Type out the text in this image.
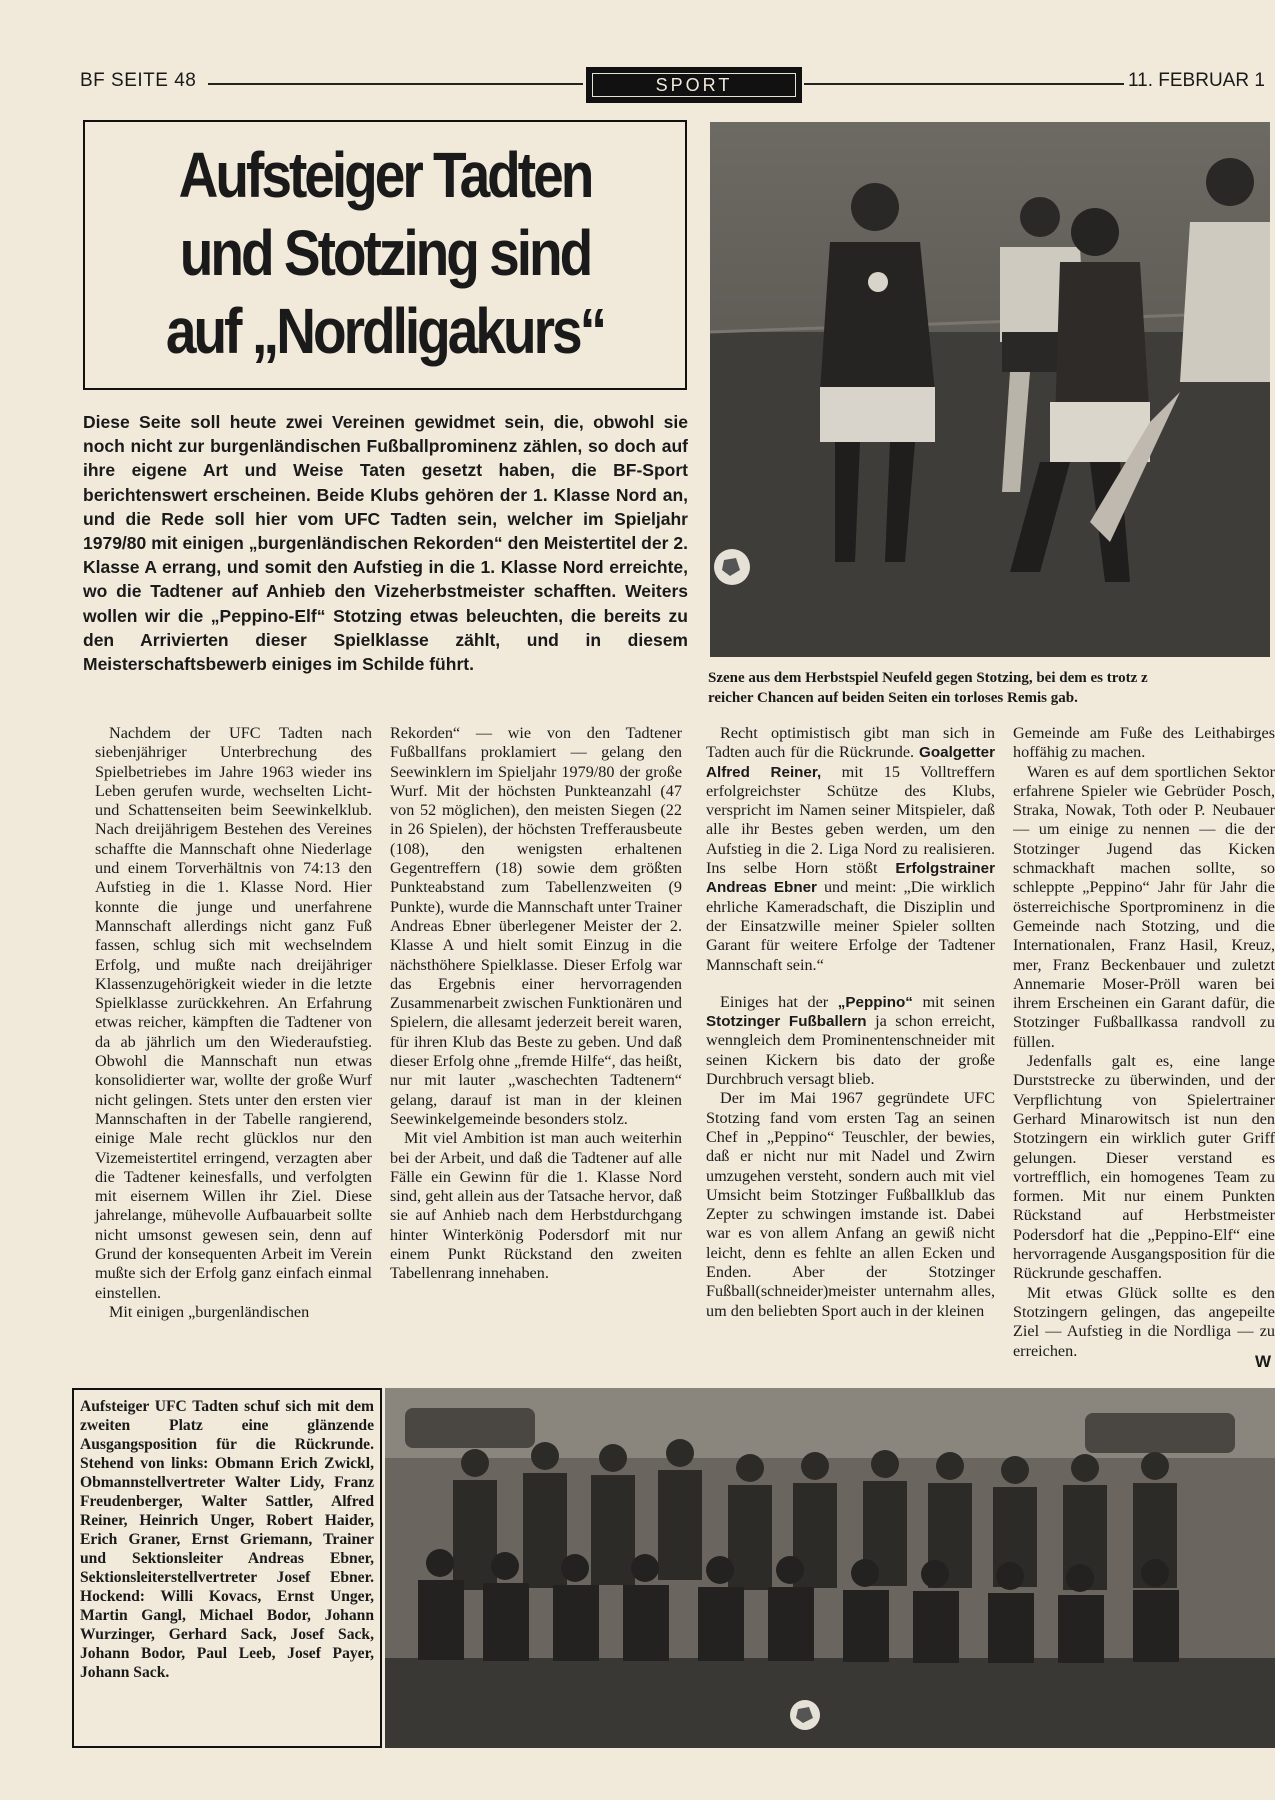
BF SEITE 48	SPORT	11. FEBRUAR 1
Aufsteiger Tadten
und Stotzing sind
auf „Nordligakurs“
Diese Seite soll heute zwei Vereinen gewidmet sein, die, obwohl sie noch nicht zur burgenländischen Fußballprominenz zählen, so doch auf ihre eigene Art und Weise Taten gesetzt haben, die BF-Sport berichtenswert erscheinen. Beide Klubs gehören der 1. Klasse Nord an, und die Rede soll hier vom UFC Tadten sein, welcher im Spieljahr 1979/80 mit einigen „burgenländischen Rekorden“ den Meistertitel der 2. Klasse A errang, und somit den Aufstieg in die 1. Klasse Nord erreichte, wo die Tadtener auf Anhieb den Vizeherbstmeister schafften. Weiters wollen wir die „Peppino-Elf“ Stotzing etwas beleuchten, die bereits zu den Arrivierten dieser Spielklasse zählt, und in diesem Meisterschaftsbewerb einiges im Schilde führt.
Szene aus dem Herbstspiel Neufeld gegen Stotzing, bei dem es trotz z
reicher Chancen auf beiden Seiten ein torloses Remis gab.

Nachdem der UFC Tadten nach siebenjähriger Unterbrechung des Spielbetriebes im Jahre 1963 wieder ins Leben gerufen wurde, wechselten Licht- und Schattenseiten beim Seewinkelklub. Nach dreijährigem Bestehen des Vereines schaffte die Mannschaft ohne Niederlage und einem Torverhältnis von 74:13 den Aufstieg in die 1. Klasse Nord. Hier konnte die junge und unerfahrene Mannschaft allerdings nicht ganz Fuß fassen, schlug sich mit wechselndem Erfolg, und mußte nach dreijähriger Klassenzugehörigkeit wieder in die letzte Spielklasse zurückkehren. An Erfahrung etwas reicher, kämpften die Tadtener von da ab jährlich um den Wiederaufstieg. Obwohl die Mannschaft nun etwas konsolidierter war, wollte der große Wurf nicht gelingen. Stets unter den ersten vier Mannschaften in der Tabelle rangierend, einige Male recht glücklos nur den Vizemeistertitel erringend, verzagten aber die Tadtener keinesfalls, und verfolgten mit eisernem Willen ihr Ziel. Diese jahrelange, mühevolle Aufbauarbeit sollte nicht umsonst gewesen sein, denn auf Grund der konsequenten Arbeit im Verein mußte sich der Erfolg ganz einfach einmal einstellen.

Mit einigen „burgenländischen

Rekorden“ — wie von den Tadtener Fußballfans proklamiert — gelang den Seewinklern im Spieljahr 1979/80 der große Wurf. Mit der höchsten Punkteanzahl (47 von 52 möglichen), den meisten Siegen (22 in 26 Spielen), der höchsten Trefferausbeute (108), den wenigsten erhaltenen Gegentreffern (18) sowie dem größten Punkteabstand zum Tabellenzweiten (9 Punkte), wurde die Mannschaft unter Trainer Andreas Ebner überlegener Meister der 2. Klasse A und hielt somit Einzug in die nächsthöhere Spielklasse. Dieser Erfolg war das Ergebnis einer hervorragenden Zusammenarbeit zwischen Funktionären und Spielern, die allesamt jederzeit bereit waren, für ihren Klub das Beste zu geben. Und daß dieser Erfolg ohne „fremde Hilfe“, das heißt, nur mit lauter „waschechten Tadtenern“ gelang, darauf ist man in der kleinen Seewinkelgemeinde besonders stolz.

Mit viel Ambition ist man auch weiterhin bei der Arbeit, und daß die Tadtener auf alle Fälle ein Gewinn für die 1. Klasse Nord sind, geht allein aus der Tatsache hervor, daß sie auf Anhieb nach dem Herbstdurchgang hinter Winterkönig Podersdorf mit nur einem Punkt Rückstand den zweiten Tabellenrang innehaben.

Recht optimistisch gibt man sich in Tadten auch für die Rückrunde. Goalgetter Alfred Reiner, mit 15 Volltreffern erfolgreichster Schütze des Klubs, verspricht im Namen seiner Mitspieler, daß alle ihr Bestes geben werden, um den Aufstieg in die 2. Liga Nord zu realisieren. Ins selbe Horn stößt Erfolgstrainer Andreas Ebner und meint: „Die wirklich ehrliche Kameradschaft, die Disziplin und der Einsatzwille meiner Spieler sollten Garant für weitere Erfolge der Tadtener Mannschaft sein.“

Einiges hat der „Peppino“ mit seinen Stotzinger Fußballern ja schon erreicht, wenngleich dem Prominentenschneider mit seinen Kickern bis dato der große Durchbruch versagt blieb.

Der im Mai 1967 gegründete UFC Stotzing fand vom ersten Tag an seinen Chef in „Peppino“ Teuschler, der bewies, daß er nicht nur mit Nadel und Zwirn umzugehen versteht, sondern auch mit viel Umsicht beim Stotzinger Fußballklub das Zepter zu schwingen imstande ist. Dabei war es von allem Anfang an gewiß nicht leicht, denn es fehlte an allen Ecken und Enden. Aber der Stotzinger Fußball(schneider)meister unternahm alles, um den beliebten Sport auch in der kleinen

Gemeinde am Fuße des Leithabirges hoffähig zu machen.

Waren es auf dem sportlichen Sektor erfahrene Spieler wie Gebrüder Posch, Straka, Nowak, Toth oder P. Neubauer — um einige zu nennen — die der Stotzinger Jugend das Kicken schmackhaft machen sollte, so schleppte „Peppino“ Jahr für Jahr die österreichische Sportprominenz in die Gemeinde nach Stotzing, und die Internationalen, Franz Hasil, Kreuz, mer, Franz Beckenbauer und zuletzt Annemarie Moser-Pröll waren bei ihrem Erscheinen ein Garant dafür, die Stotzinger Fußballkassa randvoll zu füllen.

Jedenfalls galt es, eine lange Durststrecke zu überwinden, und der Verpflichtung von Spielertrainer Gerhard Minarowitsch ist nun den Stotzingern ein wirklich guter Griff gelungen. Dieser verstand es vortrefflich, ein homogenes Team zu formen. Mit nur einem Punkten Rückstand auf Herbstmeister Podersdorf hat die „Peppino-Elf“ eine hervorragende Ausgangsposition für die Rückrunde geschaffen.

Mit etwas Glück sollte es den Stotzingern gelingen, das angepeilte Ziel — Aufstieg in die Nordliga — zu erreichen.

W
Aufsteiger UFC Tadten schuf sich mit dem zweiten Platz eine glänzende Ausgangsposition für die Rückrunde. Stehend von links: Obmann Erich Zwickl, Obmannstellvertreter Walter Lidy, Franz Freudenberger, Walter Sattler, Alfred Reiner, Heinrich Unger, Robert Haider, Erich Graner, Ernst Griemann, Trainer und Sektionsleiter Andreas Ebner, Sektionsleiterstellvertreter Josef Ebner. Hockend: Willi Kovacs, Ernst Unger, Martin Gangl, Michael Bodor, Johann Wurzinger, Gerhard Sack, Josef Sack, Johann Bodor, Paul Leeb, Josef Payer, Johann Sack.
